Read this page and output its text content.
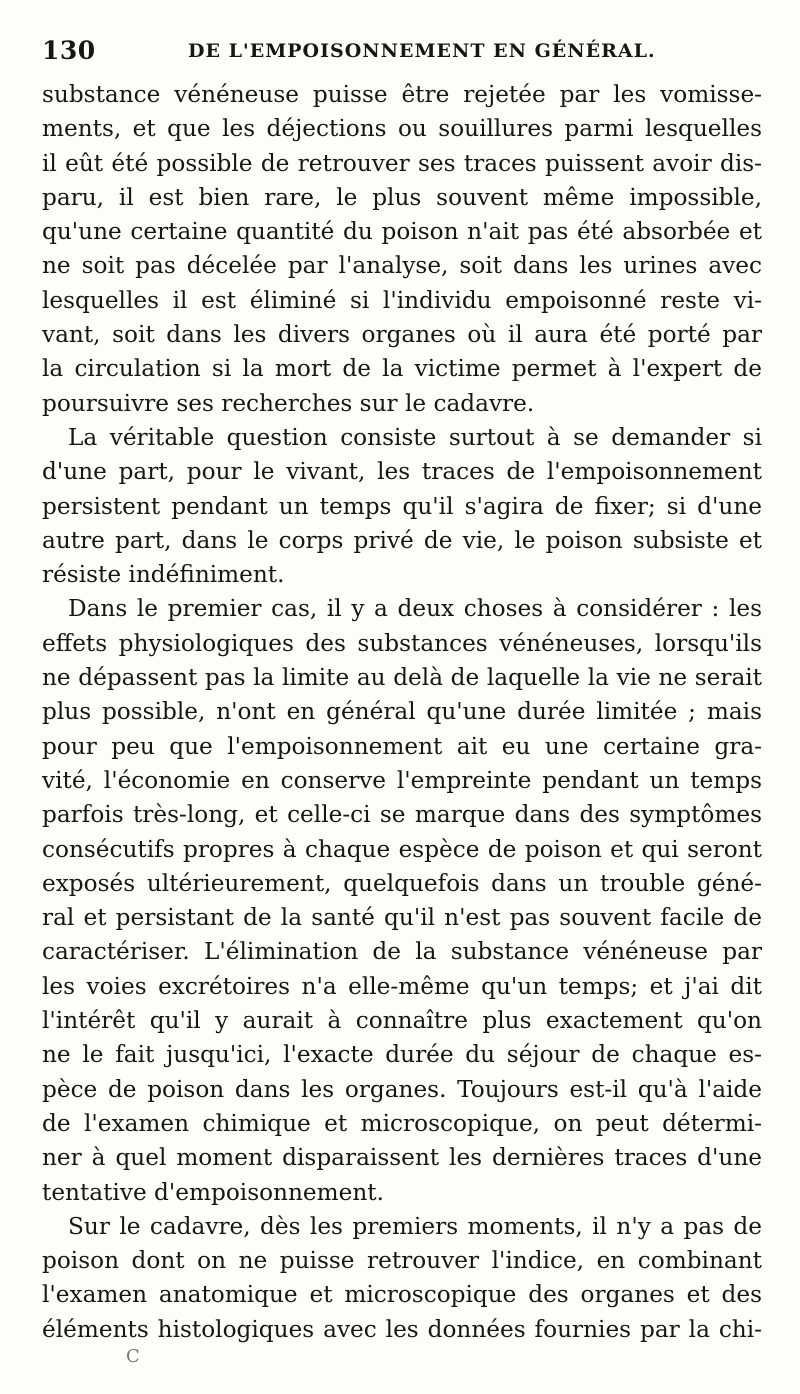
130	DE L'EMPOISONNEMENT EN GÉNÉRAL.
substance vénéneuse puisse être rejetée par les vomisse-
ments, et que les déjections ou souillures parmi lesquelles
il eût été possible de retrouver ses traces puissent avoir dis-
paru, il est bien rare, le plus souvent même impossible,
qu'une certaine quantité du poison n'ait pas été absorbée et
ne soit pas décelée par l'analyse, soit dans les urines avec
lesquelles il est éliminé si l'individu empoisonné reste vi-
vant, soit dans les divers organes où il aura été porté par
la circulation si la mort de la victime permet à l'expert de
poursuivre ses recherches sur le cadavre.
La véritable question consiste surtout à se demander si
d'une part, pour le vivant, les traces de l'empoisonnement
persistent pendant un temps qu'il s'agira de fixer; si d'une
autre part, dans le corps privé de vie, le poison subsiste et
résiste indéfiniment.
Dans le premier cas, il y a deux choses à considérer : les
effets physiologiques des substances vénéneuses, lorsqu'ils
ne dépassent pas la limite au delà de laquelle la vie ne serait
plus possible, n'ont en général qu'une durée limitée ; mais
pour peu que l'empoisonnement ait eu une certaine gra-
vité, l'économie en conserve l'empreinte pendant un temps
parfois très-long, et celle-ci se marque dans des symptômes
consécutifs propres à chaque espèce de poison et qui seront
exposés ultérieurement, quelquefois dans un trouble géné-
ral et persistant de la santé qu'il n'est pas souvent facile de
caractériser. L'élimination de la substance vénéneuse par
les voies excrétoires n'a elle-même qu'un temps; et j'ai dit
l'intérêt qu'il y aurait à connaître plus exactement qu'on
ne le fait jusqu'ici, l'exacte durée du séjour de chaque es-
pèce de poison dans les organes. Toujours est-il qu'à l'aide
de l'examen chimique et microscopique, on peut détermi-
ner à quel moment disparaissent les dernières traces d'une
tentative d'empoisonnement.
Sur le cadavre, dès les premiers moments, il n'y a pas de
poison dont on ne puisse retrouver l'indice, en combinant
l'examen anatomique et microscopique des organes et des
éléments histologiques avec les données fournies par la chi-
C
